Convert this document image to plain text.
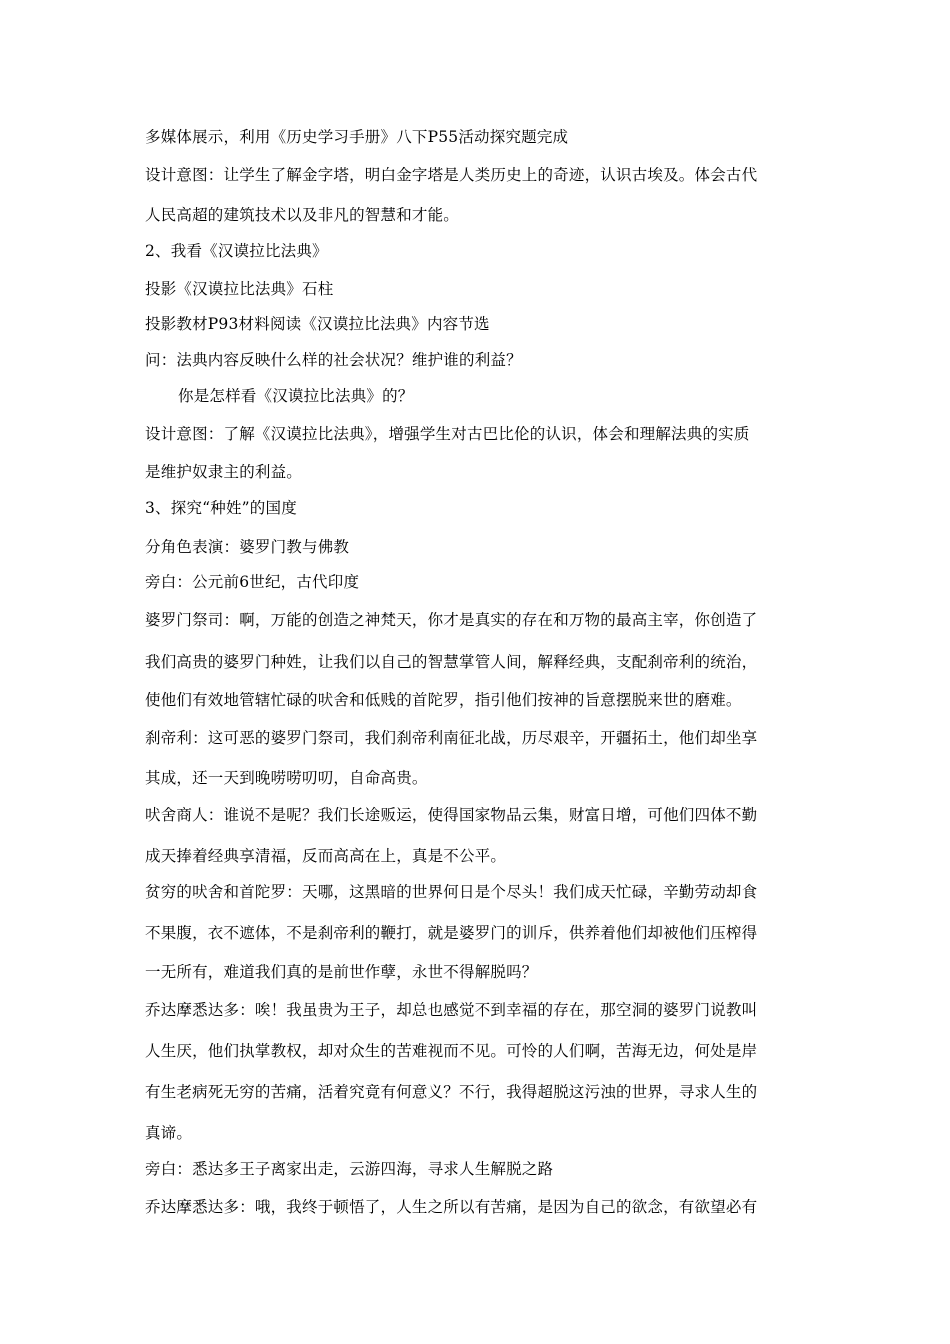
多媒体展示，利用《历史学习手册》八下P55活动探究题完成
设计意图：让学生了解金字塔，明白金字塔是人类历史上的奇迹，认识古埃及。体会古代
人民高超的建筑技术以及非凡的智慧和才能。
2、我看《汉谟拉比法典》
投影《汉谟拉比法典》石柱
投影教材P93材料阅读《汉谟拉比法典》内容节选
问：法典内容反映什么样的社会状况？维护谁的利益？
你是怎样看《汉谟拉比法典》的？
设计意图：了解《汉谟拉比法典》，增强学生对古巴比伦的认识，体会和理解法典的实质
是维护奴隶主的利益。
3、探究“种姓”的国度
分角色表演：婆罗门教与佛教
旁白：公元前6世纪，古代印度
婆罗门祭司：啊，万能的创造之神梵天，你才是真实的存在和万物的最高主宰，你创造了
我们高贵的婆罗门种姓，让我们以自己的智慧掌管人间，解释经典，支配刹帝利的统治，
使他们有效地管辖忙碌的吠舍和低贱的首陀罗，指引他们按神的旨意摆脱来世的磨难。
刹帝利：这可恶的婆罗门祭司，我们刹帝利南征北战，历尽艰辛，开疆拓土，他们却坐享
其成，还一天到晚唠唠叨叨，自命高贵。
吠舍商人：谁说不是呢？我们长途贩运，使得国家物品云集，财富日增，可他们四体不勤
成天捧着经典享清福，反而高高在上，真是不公平。
贫穷的吠舍和首陀罗：天哪，这黑暗的世界何日是个尽头！我们成天忙碌，辛勤劳动却食
不果腹，衣不遮体，不是刹帝利的鞭打，就是婆罗门的训斥，供养着他们却被他们压榨得
一无所有，难道我们真的是前世作孽，永世不得解脱吗？
乔达摩悉达多：唉！我虽贵为王子，却总也感觉不到幸福的存在，那空洞的婆罗门说教叫
人生厌，他们执掌教权，却对众生的苦难视而不见。可怜的人们啊，苦海无边，何处是岸
有生老病死无穷的苦痛，活着究竟有何意义？不行，我得超脱这污浊的世界，寻求人生的
真谛。
旁白：悉达多王子离家出走，云游四海，寻求人生解脱之路
乔达摩悉达多：哦，我终于顿悟了，人生之所以有苦痛，是因为自己的欲念，有欲望必有
